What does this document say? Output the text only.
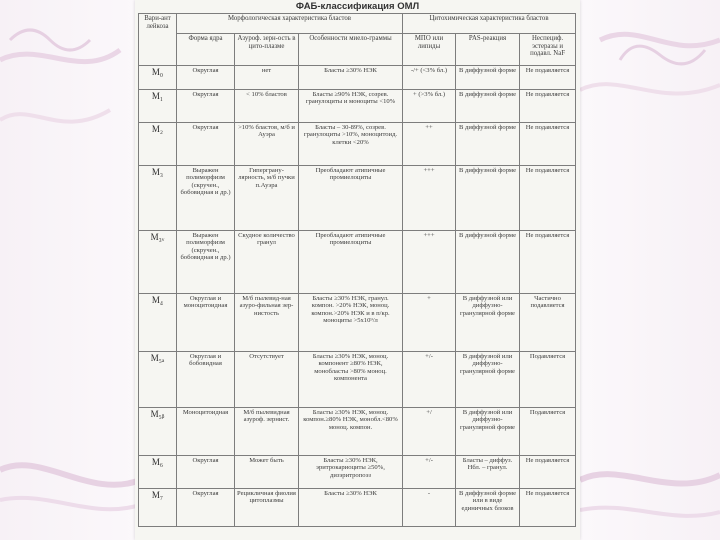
ФАБ-классификация ОМЛ
Вари-ант лейкоза	Морфологическая характеристика бластов			Цитохимическая характеристика бластов		
	Форма ядра	Азуроф. зерн-ость в цито-плазме	Особенности миело-граммы	МПО или липиды	PAS-реакция	Неспециф. эстеразы и подавл. NaF
M₀	Округлая	нет	Бласты ≥30% НЭК	-/+ (<3% бл.)	В диффузной форме	Не подавляется
M₁	Округлая	< 10% бластов	Бласты ≥90% НЭК, созрев. гранулоциты и моноциты <10%	+ (>3% бл.)	В диффузной форме	Не подавляется
M₂	Округлая	>10% бластов, м/б и Ауэра	Бласты – 30-89%, созрев. гранулоциты >10%, моноцитоид. клетки <20%	++	В диффузной форме	Не подавляется
M₃	Выражен полиморфизм (скручен., бобовидная и др.)	Гиперграну-лярность, м/б пучки п.Ауэра	Преобладают атипичные промиелоциты	+++	В диффузной форме	Не подавляется
M₃ᵥ	Выражен полиморфизм (скручен., бобовидная и др.)	Скудное количество гранул	Преобладают атипичные промиелоциты	+++	В диффузной форме	Не подавляется
M₄	Округлая и моноцитоидная	М/б пылевид-ная азуро-фильная зер-нистость	Бласты ≥30% НЭК, гранул. компон. >20% НЭК, моноц. компон.>20% НЭК и в п/кр. моноциты >5x10⁹/л	+	В диффузной или диффузно-гранулярной форме	Частично подавляется
M₅ₐ	Округлая и бобовидная	Отсутствует	Бласты ≥30% НЭК, моноц. компонент ≥80% НЭК, монобласты >80% моноц. компонента	+/-	В диффузной или диффузно-гранулярной форме	Подавляется
M₅ᵦ	Моноцитоидная	М/б пылевидная азуроф. зернист.	Бласты ≥30% НЭК, моноц. компон.≥80% НЭК, монобл.<80% моноц. компон.	+/	В диффузной или диффузно-гранулярной форме	Подавляется
M₆	Округлая	Может быть	Бласты ≥30% НЭК, эритрокариоциты ≥50%, дизэритропоэз	+/-	Бласты – диффуз. Нбл. – гранул.	Не подавляется
M₇	Округлая	Рецикличная фиолия цитоплазмы	Бласты ≥30% НЭК	-	В диффузной форме или в виде единичных блоков	Не подавляется
